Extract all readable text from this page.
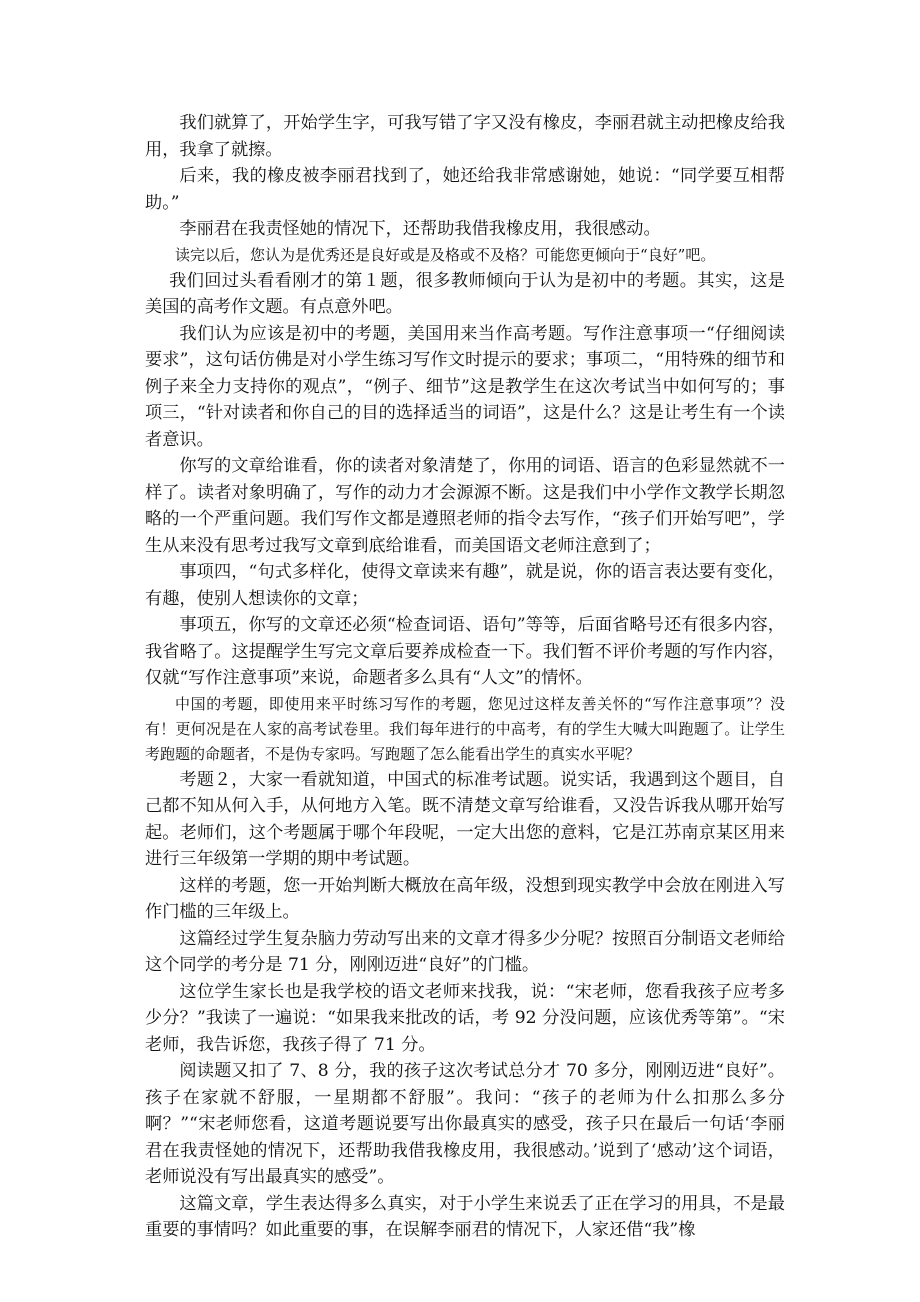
我们就算了，开始学生字，可我写错了字又没有橡皮，李丽君就主动把橡皮给我用，我拿了就擦。

后来，我的橡皮被李丽君找到了，她还给我非常感谢她，她说：“同学要互相帮助。”

李丽君在我责怪她的情况下，还帮助我借我橡皮用，我很感动。

读完以后，您认为是优秀还是良好或是及格或不及格？可能您更倾向于“良好”吧。

我们回过头看看刚才的第１题，很多教师倾向于认为是初中的考题。其实，这是美国的高考作文题。有点意外吧。

我们认为应该是初中的考题，美国用来当作高考题。写作注意事项一“仔细阅读要求”，这句话仿佛是对小学生练习写作文时提示的要求；事项二，“用特殊的细节和例子来全力支持你的观点”，“例子、细节”这是教学生在这次考试当中如何写的；事项三，“针对读者和你自己的目的选择适当的词语”，这是什么？这是让考生有一个读者意识。

你写的文章给谁看，你的读者对象清楚了，你用的词语、语言的色彩显然就不一样了。读者对象明确了，写作的动力才会源源不断。这是我们中小学作文教学长期忽略的一个严重问题。我们写作文都是遵照老师的指令去写作，“孩子们开始写吧”，学生从来没有思考过我写文章到底给谁看，而美国语文老师注意到了；

事项四，“句式多样化，使得文章读来有趣”，就是说，你的语言表达要有变化，有趣，使别人想读你的文章；

事项五，你写的文章还必须“检查词语、语句”等等，后面省略号还有很多内容，我省略了。这提醒学生写完文章后要养成检查一下。我们暂不评价考题的写作内容，仅就“写作注意事项”来说，命题者多么具有“人文”的情怀。

中国的考题，即使用来平时练习写作的考题，您见过这样友善关怀的“写作注意事项”？没有！更何况是在人家的高考试卷里。我们每年进行的中高考，有的学生大喊大叫跑题了。让学生考跑题的命题者，不是伪专家吗。写跑题了怎么能看出学生的真实水平呢？

考题２，大家一看就知道，中国式的标准考试题。说实话，我遇到这个题目，自己都不知从何入手，从何地方入笔。既不清楚文章写给谁看，又没告诉我从哪开始写起。老师们，这个考题属于哪个年段呢，一定大出您的意料，它是江苏南京某区用来进行三年级第一学期的期中考试题。

这样的考题，您一开始判断大概放在高年级，没想到现实教学中会放在刚进入写作门槛的三年级上。

这篇经过学生复杂脑力劳动写出来的文章才得多少分呢？按照百分制语文老师给这个同学的考分是 71 分，刚刚迈进“良好”的门槛。

这位学生家长也是我学校的语文老师来找我，说：“宋老师，您看我孩子应考多少分？”我读了一遍说：“如果我来批改的话，考 92 分没问题，应该优秀等第”。“宋老师，我告诉您，我孩子得了 71 分。

阅读题又扣了 7、8 分，我的孩子这次考试总分才 70 多分，刚刚迈进“良好”。孩子在家就不舒服，一星期都不舒服”。我问：“孩子的老师为什么扣那么多分啊？”“宋老师您看，这道考题说要写出你最真实的感受，孩子只在最后一句话‘李丽君在我责怪她的情况下，还帮助我借我橡皮用，我很感动。’说到了‘感动’这个词语，老师说没有写出最真实的感受”。

这篇文章，学生表达得多么真实，对于小学生来说丢了正在学习的用具，不是最重要的事情吗？如此重要的事，在误解李丽君的情况下，人家还借“我”橡
